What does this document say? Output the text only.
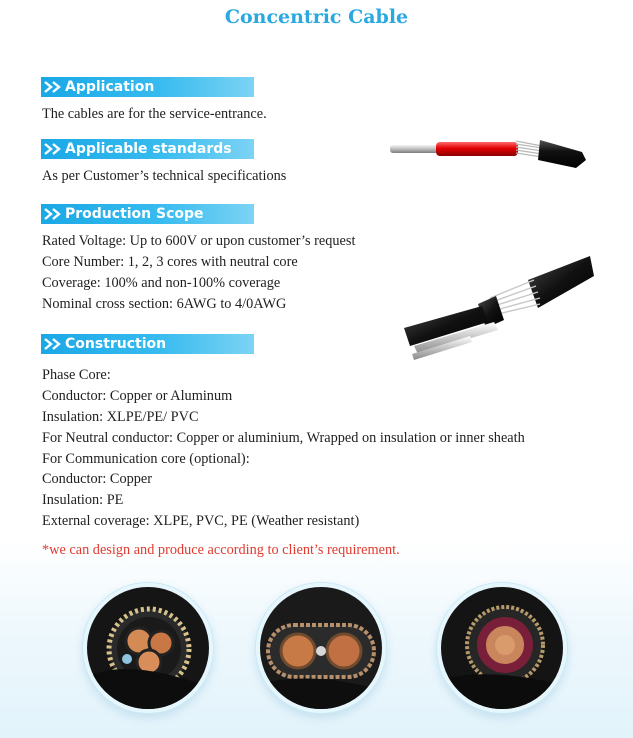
Concentric Cable
Application
The cables are for the service-entrance.
Applicable standards
As per Customer’s technical specifications
Production Scope
Rated Voltage: Up to 600V or upon customer’s request
Core Number: 1, 2, 3 cores with neutral core
Coverage: 100% and non-100% coverage
Nominal cross section: 6AWG to 4/0AWG
Construction
Phase Core:
Conductor: Copper or Aluminum
Insulation: XLPE/PE/ PVC
For Neutral conductor: Copper or aluminium, Wrapped on insulation or inner sheath
For Communication core (optional):
Conductor: Copper
Insulation: PE
External coverage: XLPE, PVC, PE (Weather resistant)
*we can design and produce according to client’s requirement.
